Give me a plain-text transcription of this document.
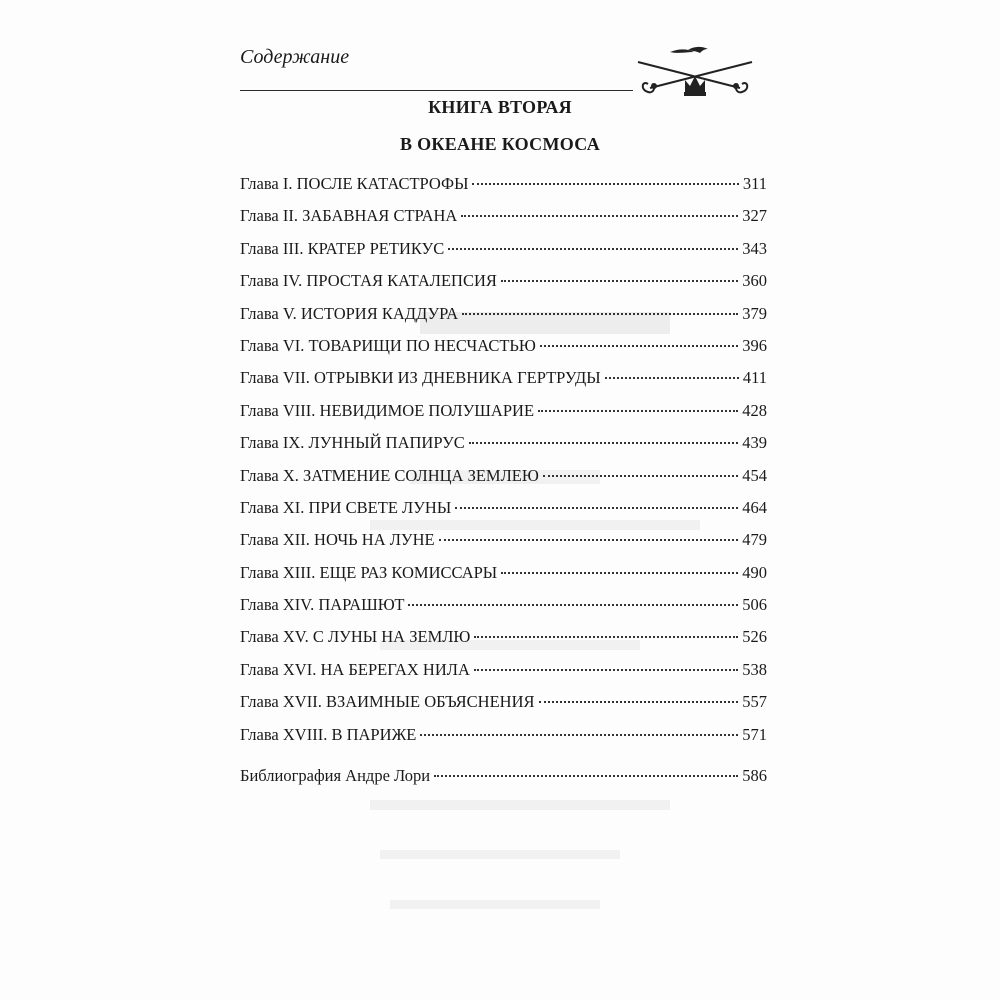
Содержание
КНИГА ВТОРАЯ
В ОКЕАНЕ КОСМОСА
Глава I. ПОСЛЕ КАТАСТРОФЫ	311
Глава II. ЗАБАВНАЯ СТРАНА	327
Глава III. КРАТЕР РЕТИКУС	343
Глава IV. ПРОСТАЯ КАТАЛЕПСИЯ	360
Глава V. ИСТОРИЯ КАДДУРА	379
Глава VI. ТОВАРИЩИ ПО НЕСЧАСТЬЮ	396
Глава VII. ОТРЫВКИ ИЗ ДНЕВНИКА ГЕРТРУДЫ	411
Глава VIII. НЕВИДИМОЕ ПОЛУШАРИЕ	428
Глава IX. ЛУННЫЙ ПАПИРУС	439
Глава X. ЗАТМЕНИЕ СОЛНЦА ЗЕМЛЕЮ	454
Глава XI. ПРИ СВЕТЕ ЛУНЫ	464
Глава XII. НОЧЬ НА ЛУНЕ	479
Глава XIII. ЕЩЕ РАЗ КОМИССАРЫ	490
Глава XIV. ПАРАШЮТ	506
Глава XV. С ЛУНЫ НА ЗЕМЛЮ	526
Глава XVI. НА БЕРЕГАХ НИЛА	538
Глава XVII. ВЗАИМНЫЕ ОБЪЯСНЕНИЯ	557
Глава XVIII. В ПАРИЖЕ	571
Библиография Андре Лори	586
